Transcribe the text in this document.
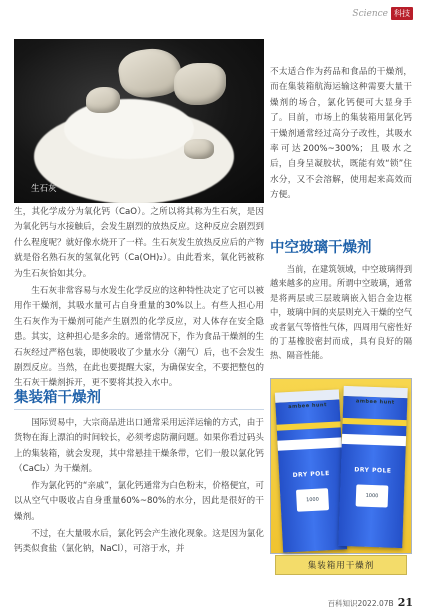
Science 科技
生石灰

生，其化学成分为氧化钙（CaO）。之所以将其称为生石灰，是因为氧化钙与水接触后，会发生剧烈的放热反应。这种反应会剧烈到什么程度呢？就好像水烧开了一样。生石灰发生放热反应后的产物就是俗名熟石灰的氢氧化钙（Ca(OH)₂）。由此看来，氧化钙被称为生石灰恰如其分。

生石灰非常容易与水发生化学反应的这种特性决定了它可以被用作干燥剂，其吸水量可占自身重量的30%以上。有些人担心用生石灰作为干燥剂可能产生剧烈的化学反应，对人体存在安全隐患。其实，这种担心是多余的。通常情况下，作为食品干燥剂的生石灰经过严格包装，即使吸收了少量水分（潮气）后，也不会发生剧烈反应。当然，在此也要提醒大家，为确保安全，不要把整包的生石灰干燥剂拆开，更不要将其投入水中。

集装箱干燥剂

国际贸易中，大宗商品进出口通常采用远洋运输的方式，由于货物在海上漂泊的时间较长，必须考虑防潮问题。如果你看过码头上的集装箱，就会发现，其中常悬挂干燥条带，它们一般以氯化钙（CaCl₂）为干燥剂。

作为氯化钙的“亲戚”，氯化钙通常为白色粉末，价格便宜，可以从空气中吸收占自身重量60%~80%的水分，因此是很好的干燥剂。

不过，在大量吸水后，氯化钙会产生液化现象。这是因为氯化钙类似食盐（氯化钠，NaCl），可溶于水，并

不太适合作为药品和食品的干燥剂，而在集装箱航海运输这种需要大量干燥剂的场合，氯化钙便可大显身手了。目前，市场上的集装箱用氯化钙干燥剂通常经过高分子改性，其吸水率可达200%~300%；且吸水之后，自身呈凝胶状，既能有效“锁”住水分，又不会溶解，使用起来高效而方便。

中空玻璃干燥剂

当前，在建筑领域，中空玻璃得到越来越多的应用。所谓中空玻璃，通常是将两层或三层玻璃嵌入铝合金边框中，玻璃中间的夹层则充入干燥的空气或者氩气等惰性气体，四周用气密性好的丁基橡胶密封而成，具有良好的隔热、隔音性能。

ambee hunt
DRY POLE
1000
ambee hunt
DRY POLE
1000
集装箱用干燥剂
百科知识2022.07B 21
